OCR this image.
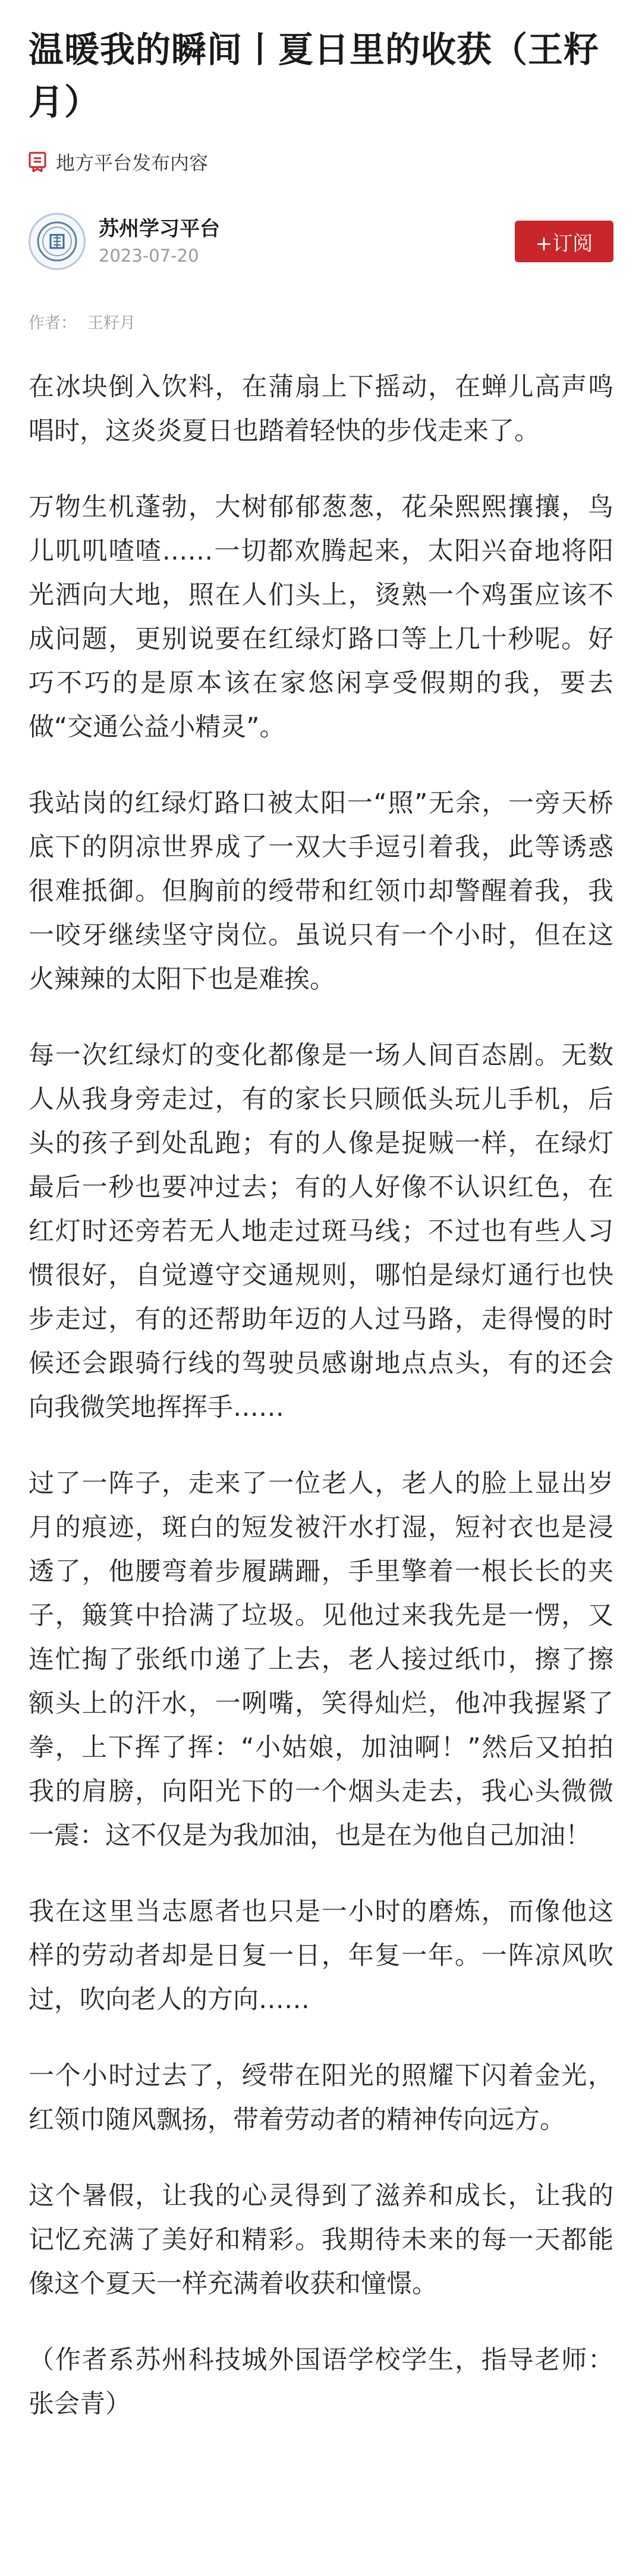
温暖我的瞬间丨夏日里的收获（王籽月）
地方平台发布内容
苏州学习平台
2023-07-20
+订阅
作者： 王籽月

在冰块倒入饮料，在蒲扇上下摇动，在蝉儿高声鸣唱时，这炎炎夏日也踏着轻快的步伐走来了。

万物生机蓬勃，大树郁郁葱葱，花朵熙熙攘攘，鸟儿叽叽喳喳……一切都欢腾起来，太阳兴奋地将阳光洒向大地，照在人们头上，烫熟一个鸡蛋应该不成问题，更别说要在红绿灯路口等上几十秒呢。好巧不巧的是原本该在家悠闲享受假期的我，要去做“交通公益小精灵”。

我站岗的红绿灯路口被太阳一“照”无余，一旁天桥底下的阴凉世界成了一双大手逗引着我，此等诱惑很难抵御。但胸前的绶带和红领巾却警醒着我，我一咬牙继续坚守岗位。虽说只有一个小时，但在这火辣辣的太阳下也是难挨。

每一次红绿灯的变化都像是一场人间百态剧。无数人从我身旁走过，有的家长只顾低头玩儿手机，后头的孩子到处乱跑；有的人像是捉贼一样，在绿灯最后一秒也要冲过去；有的人好像不认识红色，在红灯时还旁若无人地走过斑马线；不过也有些人习惯很好，自觉遵守交通规则，哪怕是绿灯通行也快步走过，有的还帮助年迈的人过马路，走得慢的时候还会跟骑行线的驾驶员感谢地点点头，有的还会向我微笑地挥挥手……

过了一阵子，走来了一位老人，老人的脸上显出岁月的痕迹，斑白的短发被汗水打湿，短衬衣也是浸透了，他腰弯着步履蹒跚，手里擎着一根长长的夹子，簸箕中拾满了垃圾。见他过来我先是一愣，又连忙掏了张纸巾递了上去，老人接过纸巾，擦了擦额头上的汗水，一咧嘴，笑得灿烂，他冲我握紧了拳，上下挥了挥：“小姑娘，加油啊！”然后又拍拍我的肩膀，向阳光下的一个烟头走去，我心头微微一震：这不仅是为我加油，也是在为他自己加油！

我在这里当志愿者也只是一小时的磨炼，而像他这样的劳动者却是日复一日，年复一年。一阵凉风吹过，吹向老人的方向……

一个小时过去了，绶带在阳光的照耀下闪着金光，红领巾随风飘扬，带着劳动者的精神传向远方。

这个暑假，让我的心灵得到了滋养和成长，让我的记忆充满了美好和精彩。我期待未来的每一天都能像这个夏天一样充满着收获和憧憬。

（作者系苏州科技城外国语学校学生，指导老师：张会青）
